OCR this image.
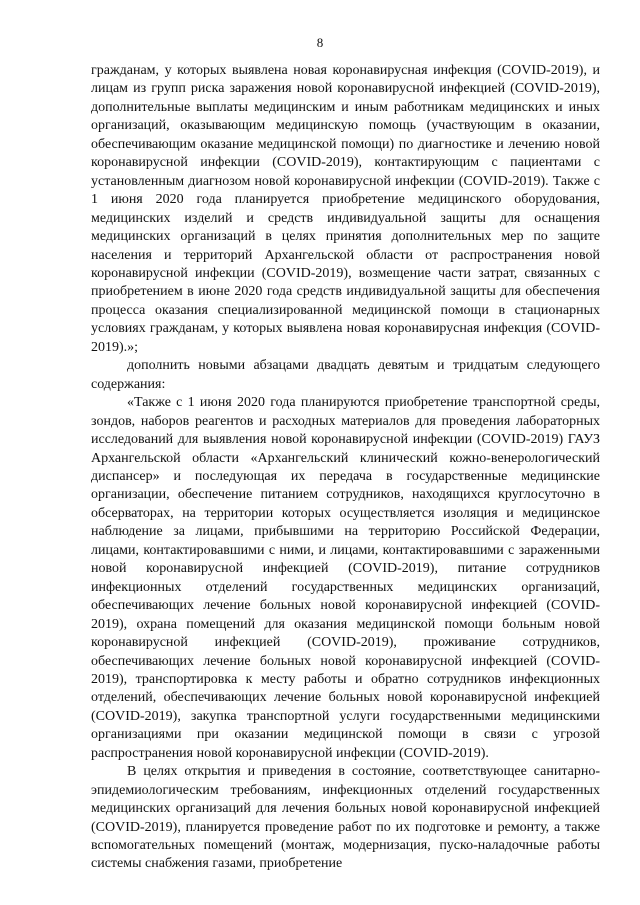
8

гражданам, у которых выявлена новая коронавирусная инфекция (COVID-2019), и лицам из групп риска заражения новой коронавирусной инфекцией (COVID-2019), дополнительные выплаты медицинским и иным работникам медицинских и иных организаций, оказывающим медицинскую помощь (участвующим в оказании, обеспечивающим оказание медицинской помощи) по диагностике и лечению новой коронавирусной инфекции (COVID-2019), контактирующим с пациентами с установленным диагнозом новой коронавирусной инфекции (COVID-2019). Также с 1 июня 2020 года планируется приобретение медицинского оборудования, медицинских изделий и средств индивидуальной защиты для оснащения медицинских организаций в целях принятия дополнительных мер по защите населения и территорий Архангельской области от распространения новой коронавирусной инфекции (COVID-2019), возмещение части затрат, связанных с приобретением в июне 2020 года средств индивидуальной защиты для обеспечения процесса оказания специализированной медицинской помощи в стационарных условиях гражданам, у которых выявлена новая коронавирусная инфекция (COVID-2019).»;

дополнить новыми абзацами двадцать девятым и тридцатым следующего содержания:

«Также с 1 июня 2020 года планируются приобретение транспортной среды, зондов, наборов реагентов и расходных материалов для проведения лабораторных исследований для выявления новой коронавирусной инфекции (COVID-2019) ГАУЗ Архангельской области «Архангельский клинический кожно-венерологический диспансер» и последующая их передача в государственные медицинские организации, обеспечение питанием сотрудников, находящихся круглосуточно в обсерваторах, на территории которых осуществляется изоляция и медицинское наблюдение за лицами, прибывшими на территорию Российской Федерации, лицами, контактировавшими с ними, и лицами, контактировавшими с зараженными новой коронавирусной инфекцией (COVID-2019), питание сотрудников инфекционных отделений государственных медицинских организаций, обеспечивающих лечение больных новой коронавирусной инфекцией (COVID-2019), охрана помещений для оказания медицинской помощи больным новой коронавирусной инфекцией (COVID-2019), проживание сотрудников, обеспечивающих лечение больных новой коронавирусной инфекцией (COVID-2019), транспортировка к месту работы и обратно сотрудников инфекционных отделений, обеспечивающих лечение больных новой коронавирусной инфекцией (COVID-2019), закупка транспортной услуги государственными медицинскими организациями при оказании медицинской помощи в связи с угрозой распространения новой коронавирусной инфекции (COVID-2019).

В целях открытия и приведения в состояние, соответствующее санитарно-эпидемиологическим требованиям, инфекционных отделений государственных медицинских организаций для лечения больных новой коронавирусной инфекцией (COVID-2019), планируется проведение работ по их подготовке и ремонту, а также вспомогательных помещений (монтаж, модернизация, пуско-наладочные работы системы снабжения газами, приобретение
